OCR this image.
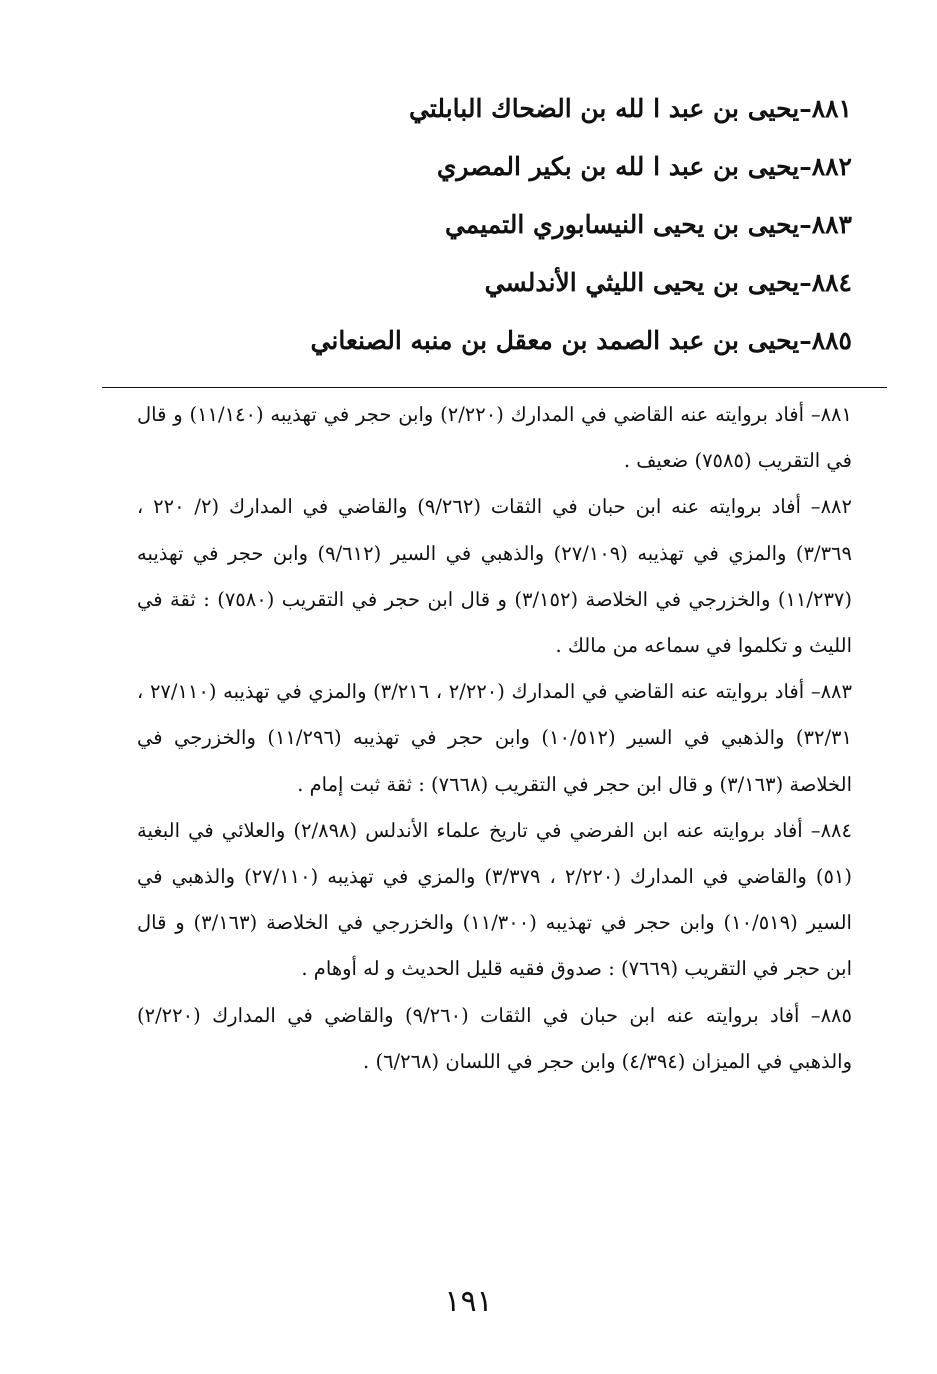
٨٨١–يحيى بن عبد ا لله بن الضحاك البابلتي
٨٨٢–يحيى بن عبد ا لله بن بكير المصري
٨٨٣–يحيى بن يحيى النيسابوري التميمي
٨٨٤–يحيى بن يحيى الليثي الأندلسي
٨٨٥–يحيى بن عبد الصمد بن معقل بن منبه الصنعاني
٨٨١– أفاد بروايته عنه القاضي في المدارك (٢/٢٢٠) وابن حجر في تهذيبه (١١/١٤٠) و قال في التقريب (٧٥٨٥) ضعيف .
٨٨٢– أفاد بروايته عنه ابن حبان في الثقات (٩/٢٦٢) والقاضي في المدارك (٢/ ٢٢٠ ، ٣/٣٦٩) والمزي في تهذيبه (٢٧/١٠٩) والذهبي في السير (٩/٦١٢) وابن حجر في تهذيبه (١١/٢٣٧) والخزرجي في الخلاصة (٣/١٥٢) و قال ابن حجر في التقريب (٧٥٨٠) : ثقة في الليث و تكلموا في سماعه من مالك .
٨٨٣– أفاد بروايته عنه القاضي في المدارك (٢/٢٢٠ ، ٣/٢١٦) والمزي في تهذيبه (٢٧/١١٠ ، ٣٢/٣١) والذهبي في السير (١٠/٥١٢) وابن حجر في تهذيبه (١١/٢٩٦) والخزرجي في الخلاصة (٣/١٦٣) و قال ابن حجر في التقريب (٧٦٦٨) : ثقة ثبت إمام .
٨٨٤– أفاد بروايته عنه ابن الفرضي في تاريخ علماء الأندلس (٢/٨٩٨) والعلائي في البغية (٥١) والقاضي في المدارك (٢/٢٢٠ ، ٣/٣٧٩) والمزي في تهذيبه (٢٧/١١٠) والذهبي في السير (١٠/٥١٩) وابن حجر في تهذيبه (١١/٣٠٠) والخزرجي في الخلاصة (٣/١٦٣) و قال ابن حجر في التقريب (٧٦٦٩) : صدوق فقيه قليل الحديث و له أوهام .
٨٨٥– أفاد بروايته عنه ابن حبان في الثقات (٩/٢٦٠) والقاضي في المدارك (٢/٢٢٠) والذهبي في الميزان (٤/٣٩٤) وابن حجر في اللسان (٦/٢٦٨) .
١٩١
